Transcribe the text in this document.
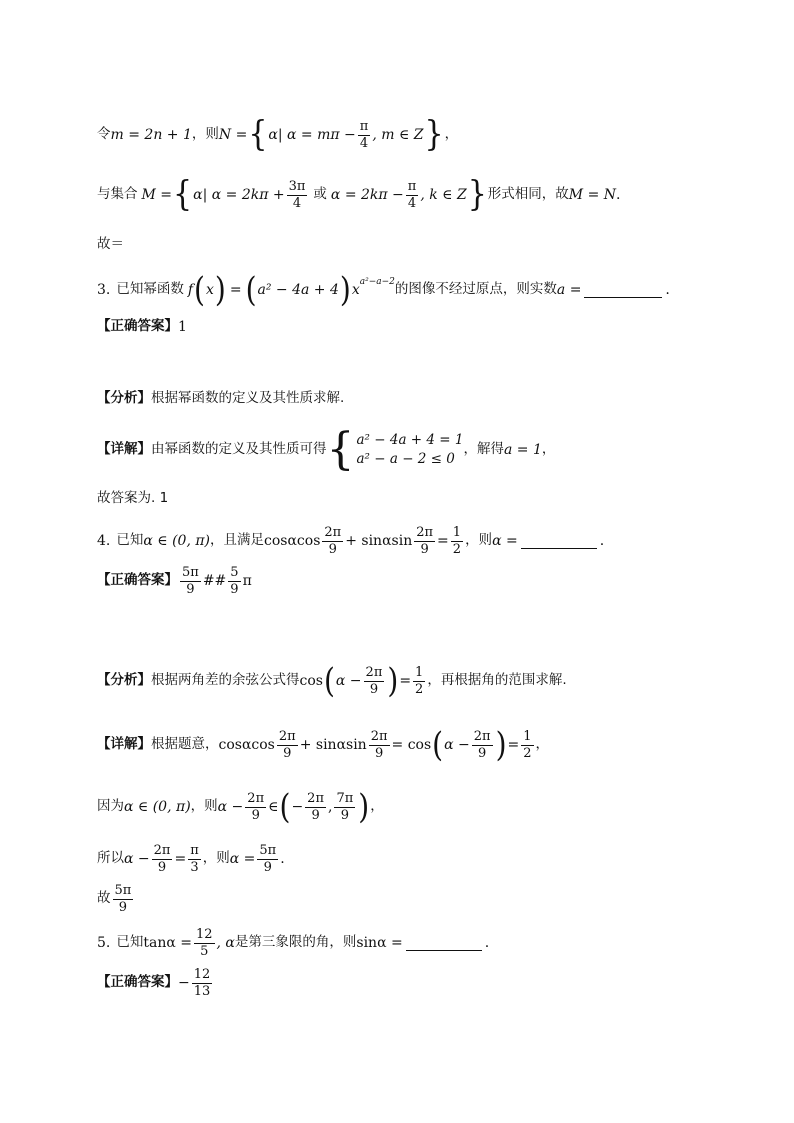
令 m = 2n + 1 ，则 N = { α| $\alpha = m\pi - \frac{\pi}{4}$ , m ∈ Z } ，
与集合 M = { α| $\alpha = 2k\pi + \frac{3\pi}{4}$ 或 $\alpha = 2k\pi - \frac{\pi}{4}$ , k ∈ Z } 形式相同，故 M = N .
故＝
3. 已知幂函数 f ( x ) = ( a² − 4a + 4 ) x
a²−a−2 的图像不经过原点，则实数 a =	.
【正确答案】 1
【分析】 根据幂函数的定义及其性质求解.
【详解】 由幂函数的定义及其性质可得 { a² − 4a + 4 = 1
a² − a − 2 ≤ 0
，解得 a = 1 ，
故答案为. 1
4. 已知 α ∈ (0, π) ，且满足 cosαcos $\frac{2\pi}{9} + \sin\alpha\sin \frac{2\pi}{9} = \frac{1}{2}$ ，则 α =	.
【正确答案】 $\frac{5\pi}{9}$ ## $\frac{5}{9}$ π
【分析】 根据两角差的余弦公式得 cos ( $\alpha - \frac{2\pi}{9}$ ) = $\frac{1}{2}$ ，再根据角的范围求解.
【详解】 根据题意， cosαcos $\frac{2\pi}{9} + \sin\alpha\sin \frac{2\pi}{9} = \cos$ ( $\alpha - \frac{2\pi}{9}$ ) = $\frac{1}{2}$ ，
因为 α ∈ (0, π) ，则 $\alpha - \frac{2\pi}{9}$ ∈ ( − $\frac{2\pi}{9}$ , $\frac{7\pi}{9}$ ) ，
所以 $\alpha - \frac{2\pi}{9} = \frac{\pi}{3}$ ，则 $\alpha = \frac{5\pi}{9}$ .
故 $\frac{5\pi}{9}$
5. 已知 $\tan\alpha = \frac{12}{5}$ , α 是第三象限的角，则 sinα =	.
【正确答案】 − $\frac{12}{13}$
